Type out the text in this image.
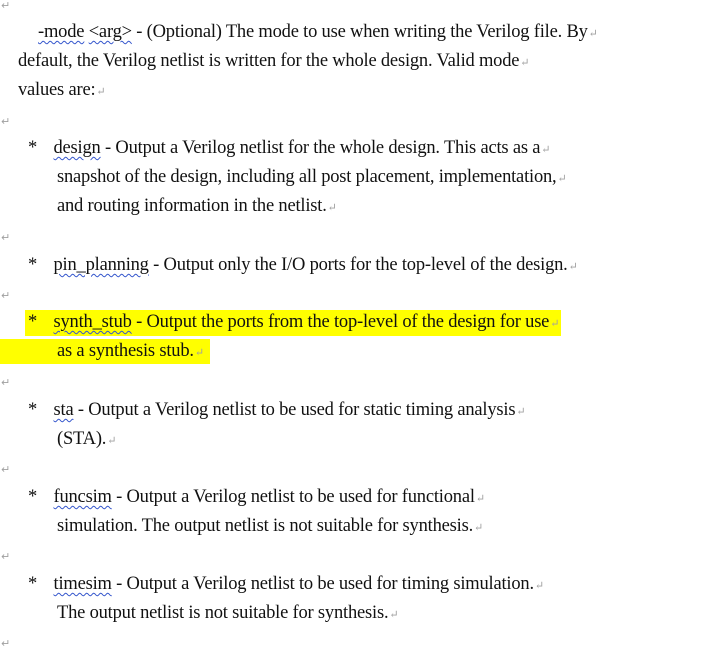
↵
↵
↵
↵
↵
↵
↵
↵
-mode <arg> - (Optional) The mode to use when writing the Verilog file. By↵
default, the Verilog netlist is written for the whole design. Valid mode↵
values are:↵
* design - Output a Verilog netlist for the whole design. This acts as a↵
snapshot of the design, including all post placement, implementation,↵
and routing information in the netlist.↵
* pin_planning - Output only the I/O ports for the top-level of the design.↵
* synth_stub - Output the ports from the top-level of the design for use↵
as a synthesis stub.↵
* sta - Output a Verilog netlist to be used for static timing analysis↵
(STA).↵
* funcsim - Output a Verilog netlist to be used for functional↵
simulation. The output netlist is not suitable for synthesis.↵
* timesim - Output a Verilog netlist to be used for timing simulation.↵
The output netlist is not suitable for synthesis.↵
